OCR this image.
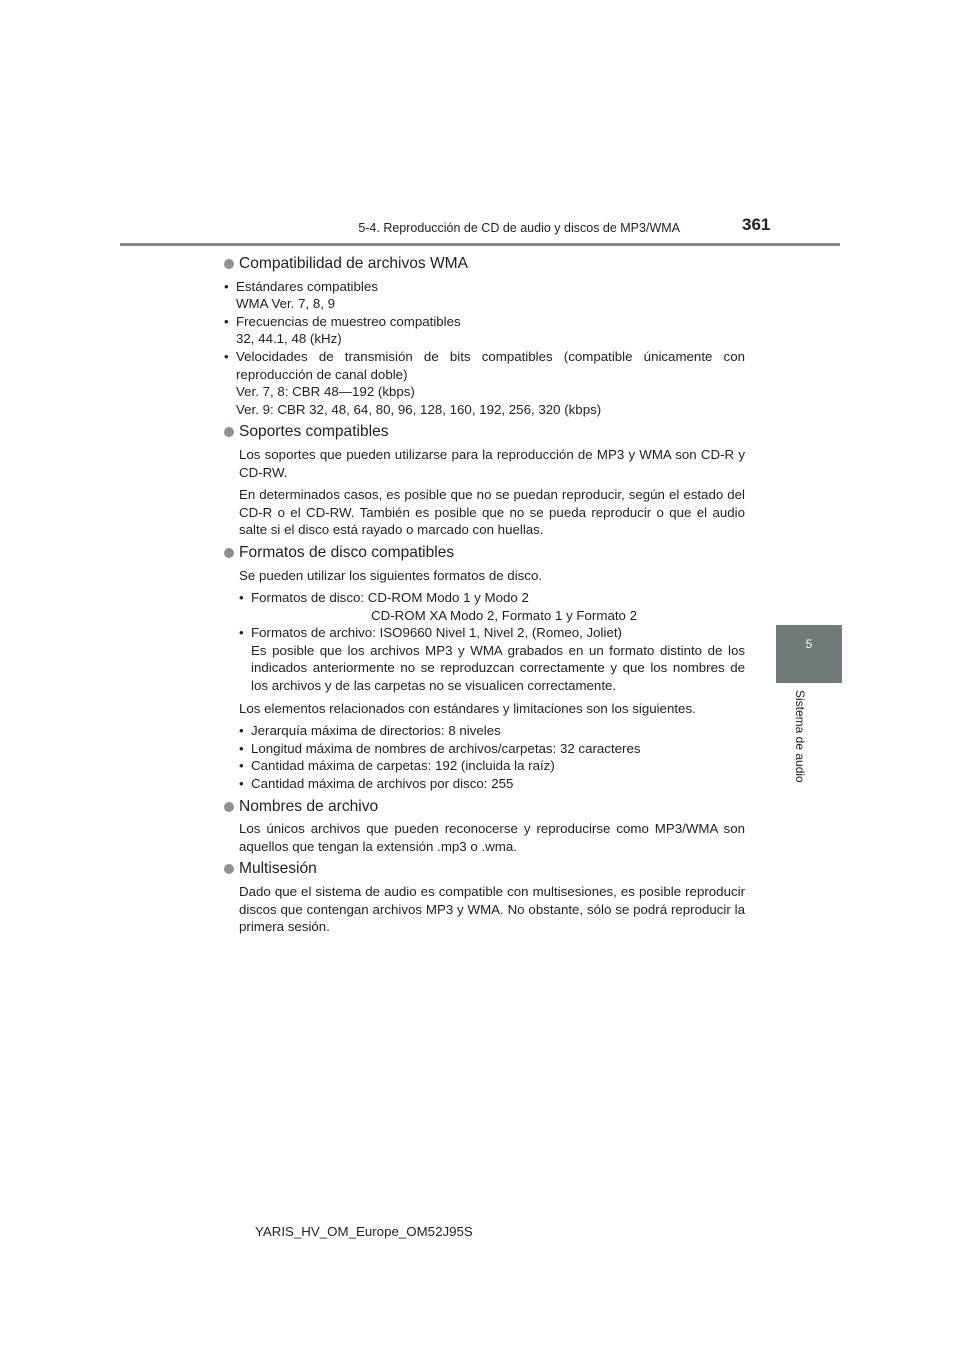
5-4. Reproducción de CD de audio y discos de MP3/WMA	361
5
Sistema de audio
Compatibilidad de archivos WMA
• Estándares compatibles
WMA Ver. 7, 8, 9
• Frecuencias de muestreo compatibles
32, 44.1, 48 (kHz)
• Velocidades de transmisión de bits compatibles (compatible únicamente con reproducción de canal doble)
Ver. 7, 8: CBR 48—192 (kbps)
Ver. 9: CBR 32, 48, 64, 80, 96, 128, 160, 192, 256, 320 (kbps)
Soportes compatibles

Los soportes que pueden utilizarse para la reproducción de MP3 y WMA son CD-R y CD-RW.

En determinados casos, es posible que no se puedan reproducir, según el estado del CD-R o el CD-RW. También es posible que no se pueda reproducir o que el audio salte si el disco está rayado o marcado con huellas.

Formatos de disco compatibles

Se pueden utilizar los siguientes formatos de disco.

• Formatos de disco: CD-ROM Modo 1 y Modo 2
CD-ROM XA Modo 2, Formato 1 y Formato 2
• Formatos de archivo: ISO9660 Nivel 1, Nivel 2, (Romeo, Joliet)
Es posible que los archivos MP3 y WMA grabados en un formato distinto de los indicados anteriormente no se reproduzcan correctamente y que los nombres de los archivos y de las carpetas no se visualicen correctamente.

Los elementos relacionados con estándares y limitaciones son los siguientes.

• Jerarquía máxima de directorios: 8 niveles
• Longitud máxima de nombres de archivos/carpetas: 32 caracteres
• Cantidad máxima de carpetas: 192 (incluida la raíz)
• Cantidad máxima de archivos por disco: 255
Nombres de archivo

Los únicos archivos que pueden reconocerse y reproducirse como MP3/WMA son aquellos que tengan la extensión .mp3 o .wma.

Multisesión

Dado que el sistema de audio es compatible con multisesiones, es posible reproducir discos que contengan archivos MP3 y WMA. No obstante, sólo se podrá reproducir la primera sesión.

YARIS_HV_OM_Europe_OM52J95S
